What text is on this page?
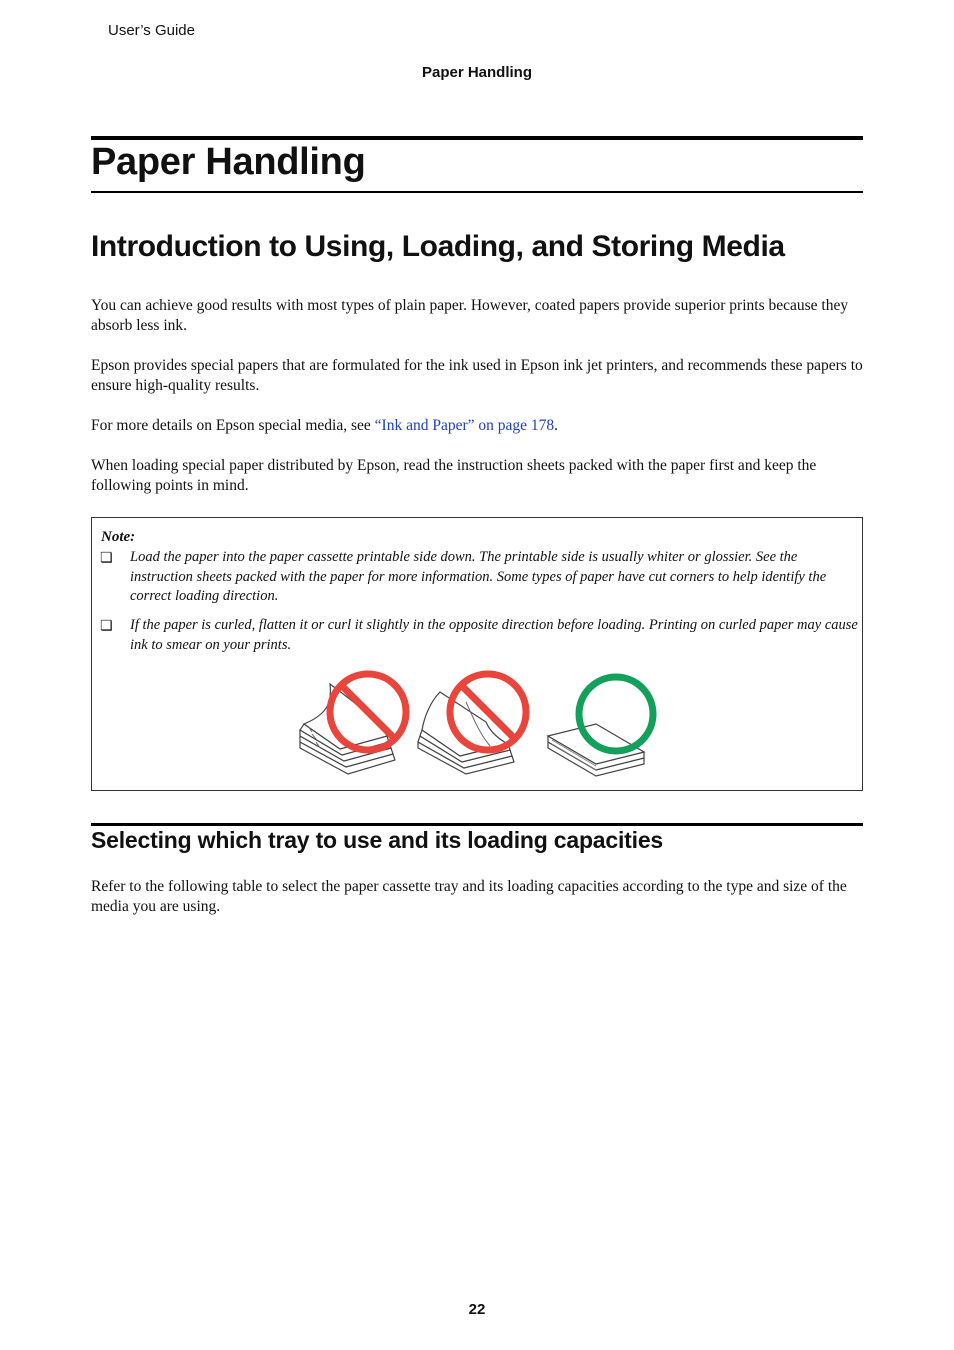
User’s Guide
Paper Handling
Paper Handling
Introduction to Using, Loading, and Storing Media
You can achieve good results with most types of plain paper. However, coated papers provide superior prints because they absorb less ink.
Epson provides special papers that are formulated for the ink used in Epson ink jet printers, and recommends these papers to ensure high-quality results.
For more details on Epson special media, see “Ink and Paper” on page 178.
When loading special paper distributed by Epson, read the instruction sheets packed with the paper first and keep the following points in mind.
Note:
❏ Load the paper into the paper cassette printable side down. The printable side is usually whiter or glossier. See the instruction sheets packed with the paper for more information. Some types of paper have cut corners to help identify the correct loading direction.
❏ If the paper is curled, flatten it or curl it slightly in the opposite direction before loading. Printing on curled paper may cause ink to smear on your prints.
Selecting which tray to use and its loading capacities
Refer to the following table to select the paper cassette tray and its loading capacities according to the type and size of the media you are using.
22
